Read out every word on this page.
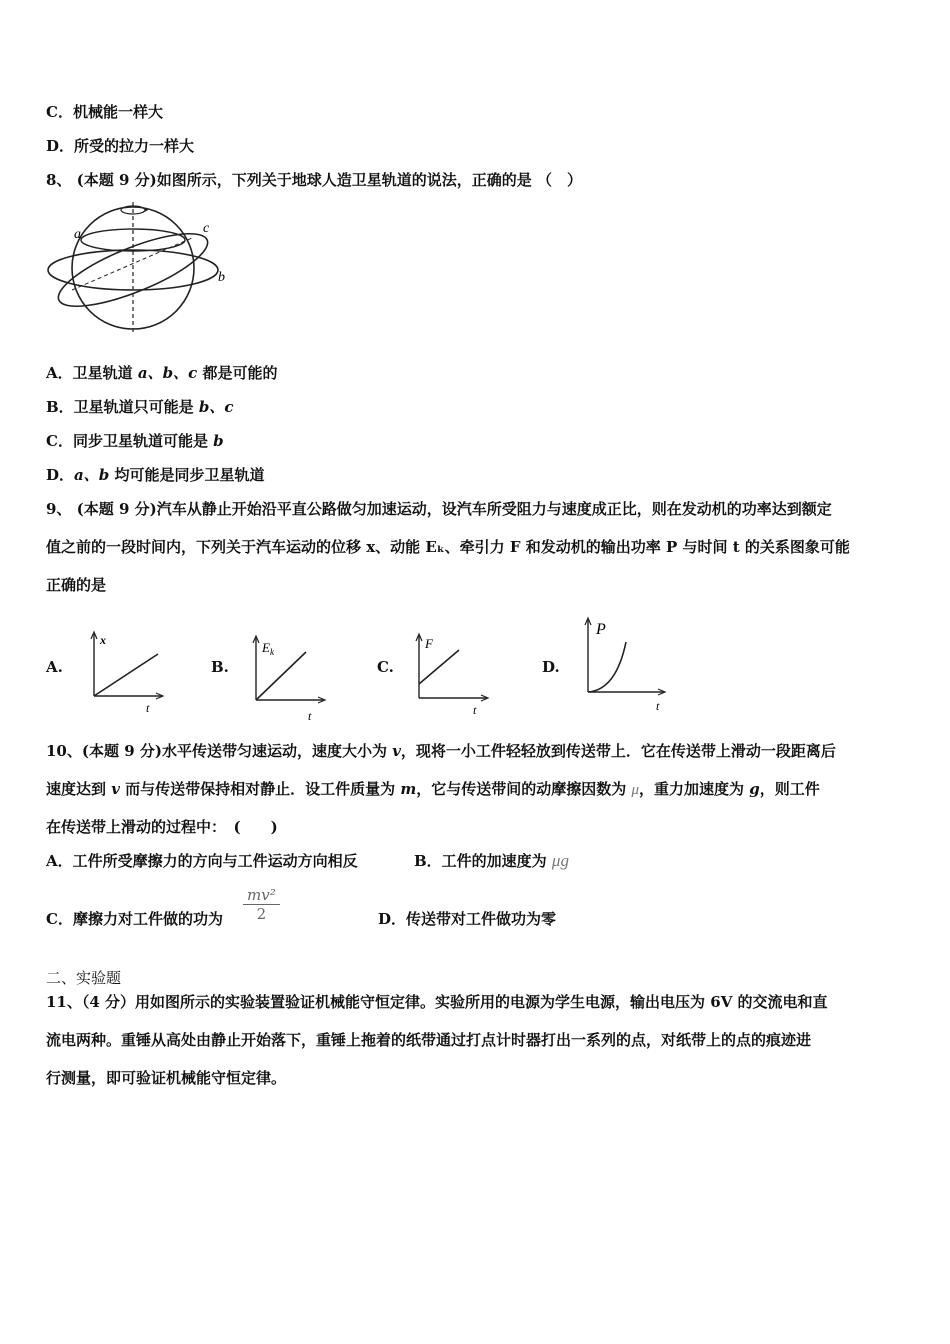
C．机械能一样大
D．所受的拉力一样大
8、 (本题 9 分)如图所示，下列关于地球人造卫星轨道的说法，正确的是 （　）
a	c
b
A．卫星轨道 a、b、c 都是可能的
B．卫星轨道只可能是 b、c
C．同步卫星轨道可能是 b
D．a、b 均可能是同步卫星轨道
9、 (本题 9 分)汽车从静止开始沿平直公路做匀加速运动，设汽车所受阻力与速度成正比，则在发动机的功率达到额定
值之前的一段时间内，下列关于汽车运动的位移 x、动能 Eₖ、牵引力 F 和发动机的输出功率 P 与时间 t 的关系图象可能
正确的是
A.
x
t
B.
$E_k$
t
C.
F
t
D.
P
t
10、(本题 9 分)水平传送带匀速运动，速度大小为 v，现将一小工件轻轻放到传送带上．它在传送带上滑动一段距离后
速度达到 v 而与传送带保持相对静止．设工件质量为 m，它与传送带间的动摩擦因数为 μ，重力加速度为 g，则工件
在传送带上滑动的过程中：　(　　)
A．工件所受摩擦力的方向与工件运动方向相反	B．工件的加速度为 μg
C．摩擦力对工件做的功为 $\frac{\text{mv²}}{2}$	D．传送带对工件做功为零
二、实验题
11、（4 分）用如图所示的实验装置验证机械能守恒定律。实验所用的电源为学生电源，输出电压为 6V 的交流电和直
流电两种。重锤从高处由静止开始落下，重锤上拖着的纸带通过打点计时器打出一系列的点，对纸带上的点的痕迹进
行测量，即可验证机械能守恒定律。
